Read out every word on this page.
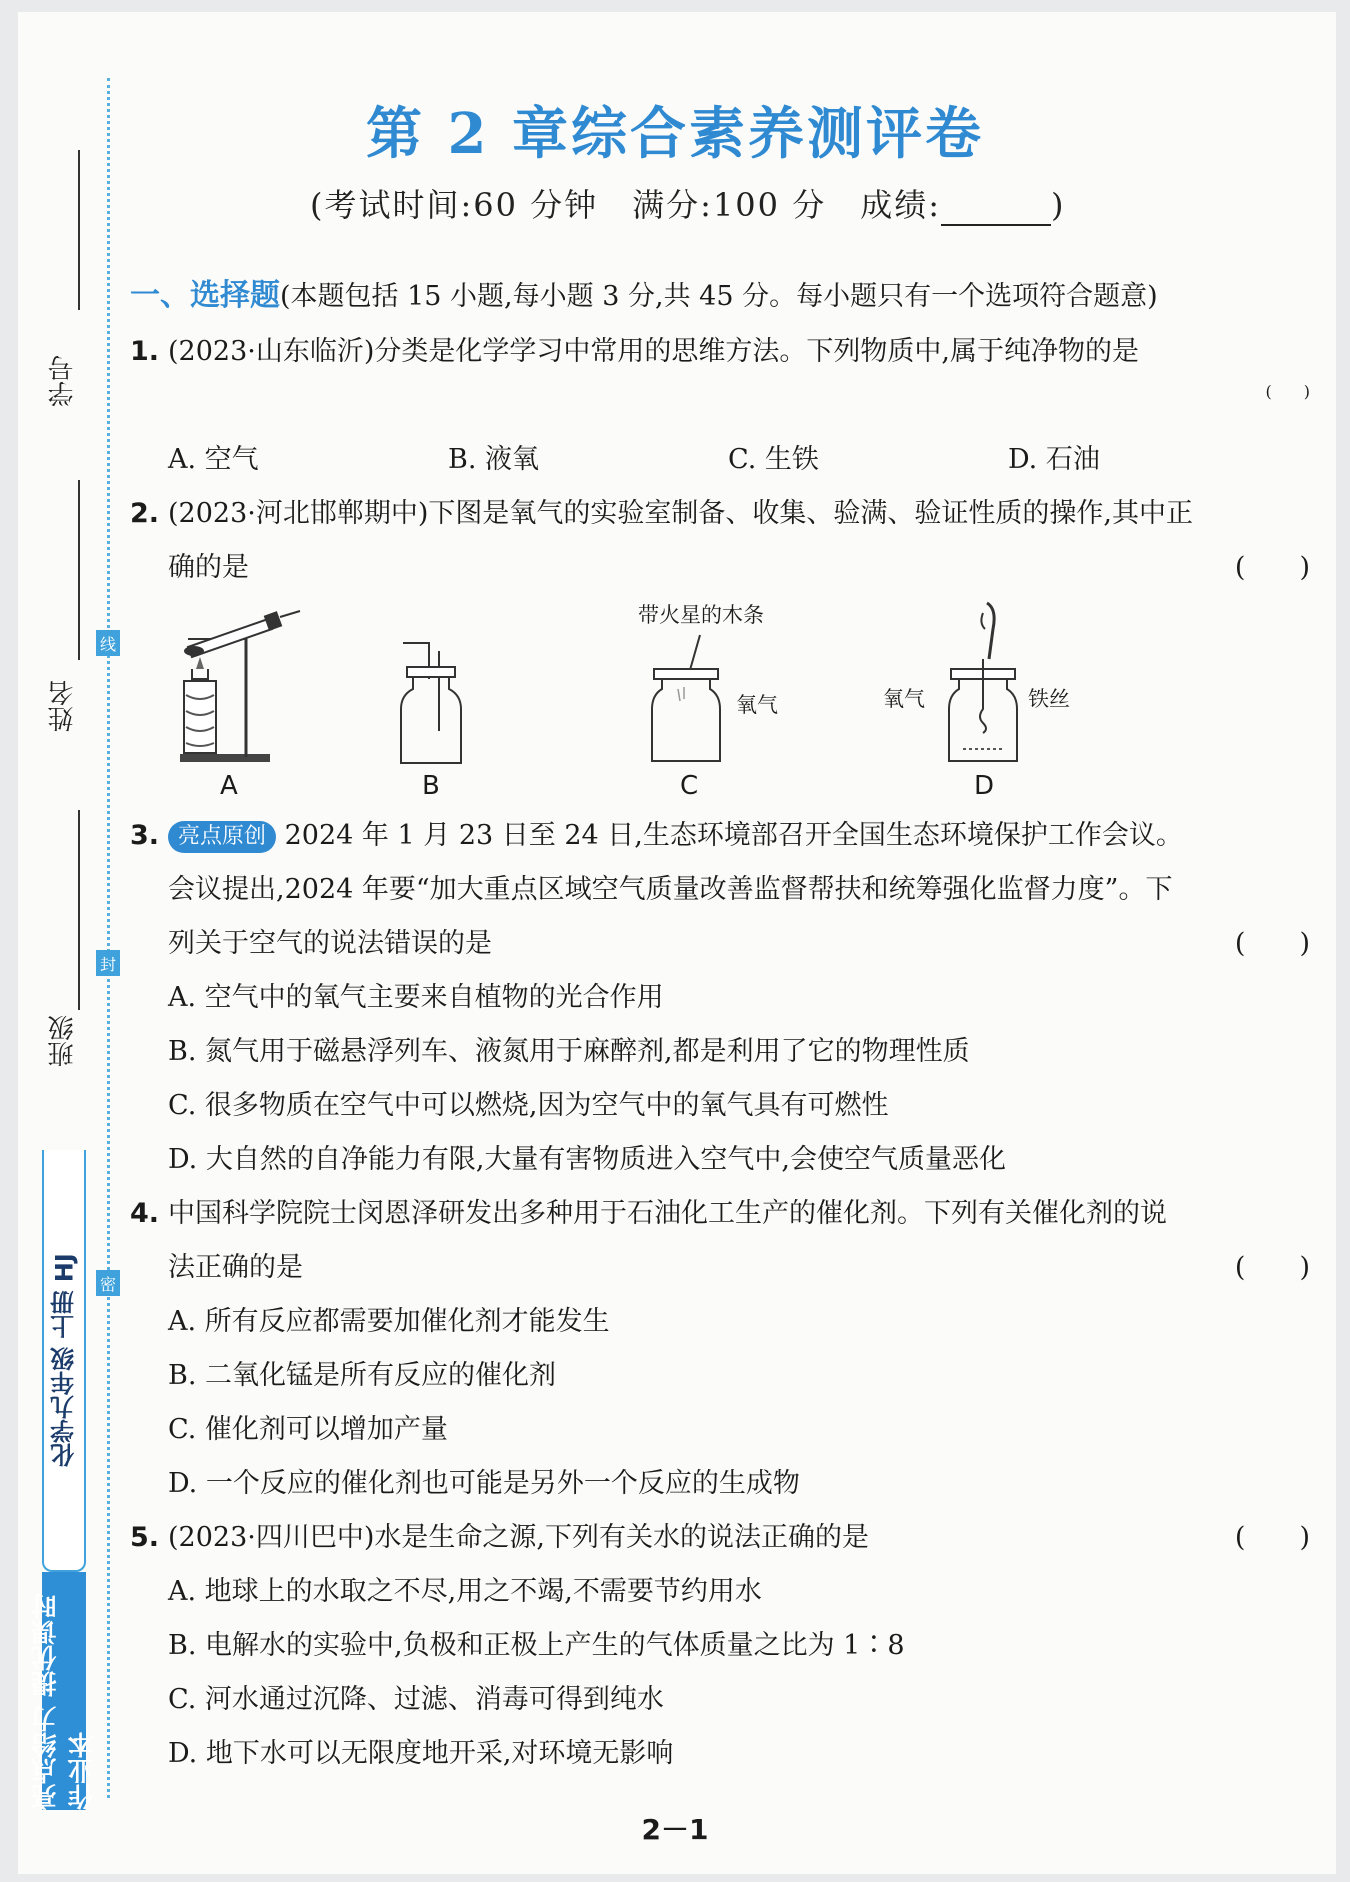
学号
姓名
班级
线
封
密
化学九年级 上册 HJ
亮点给力 提优课时作业本
第 2 章综合素养测评卷
(考试时间:60 分钟　满分:100 分　成绩:	)
一、选择题(本题包括 15 小题,每小题 3 分,共 45 分。每小题只有一个选项符合题意)
1. (2023·山东临沂)分类是化学学习中常用的思维方法。下列物质中,属于纯净物的是
(　　)
A. 空气	B. 液氧	C. 生铁	D. 石油
2. (2023·河北邯郸期中)下图是氧气的实验室制备、收集、验满、验证性质的操作,其中正
确的是	(　　)
带火星的木条
氧气	氧气	铁丝
A	B	C	D
3. 亮点原创 2024 年 1 月 23 日至 24 日,生态环境部召开全国生态环境保护工作会议。
会议提出,2024 年要“加大重点区域空气质量改善监督帮扶和统筹强化监督力度”。下
列关于空气的说法错误的是	(　　)
A. 空气中的氧气主要来自植物的光合作用
B. 氮气用于磁悬浮列车、液氮用于麻醉剂,都是利用了它的物理性质
C. 很多物质在空气中可以燃烧,因为空气中的氧气具有可燃性
D. 大自然的自净能力有限,大量有害物质进入空气中,会使空气质量恶化
4. 中国科学院院士闵恩泽研发出多种用于石油化工生产的催化剂。下列有关催化剂的说
法正确的是	(　　)
A. 所有反应都需要加催化剂才能发生
B. 二氧化锰是所有反应的催化剂
C. 催化剂可以增加产量
D. 一个反应的催化剂也可能是另外一个反应的生成物
5. (2023·四川巴中)水是生命之源,下列有关水的说法正确的是	(　　)
A. 地球上的水取之不尽,用之不竭,不需要节约用水
B. 电解水的实验中,负极和正极上产生的气体质量之比为 1∶8
C. 河水通过沉降、过滤、消毒可得到纯水
D. 地下水可以无限度地开采,对环境无影响
2－1
